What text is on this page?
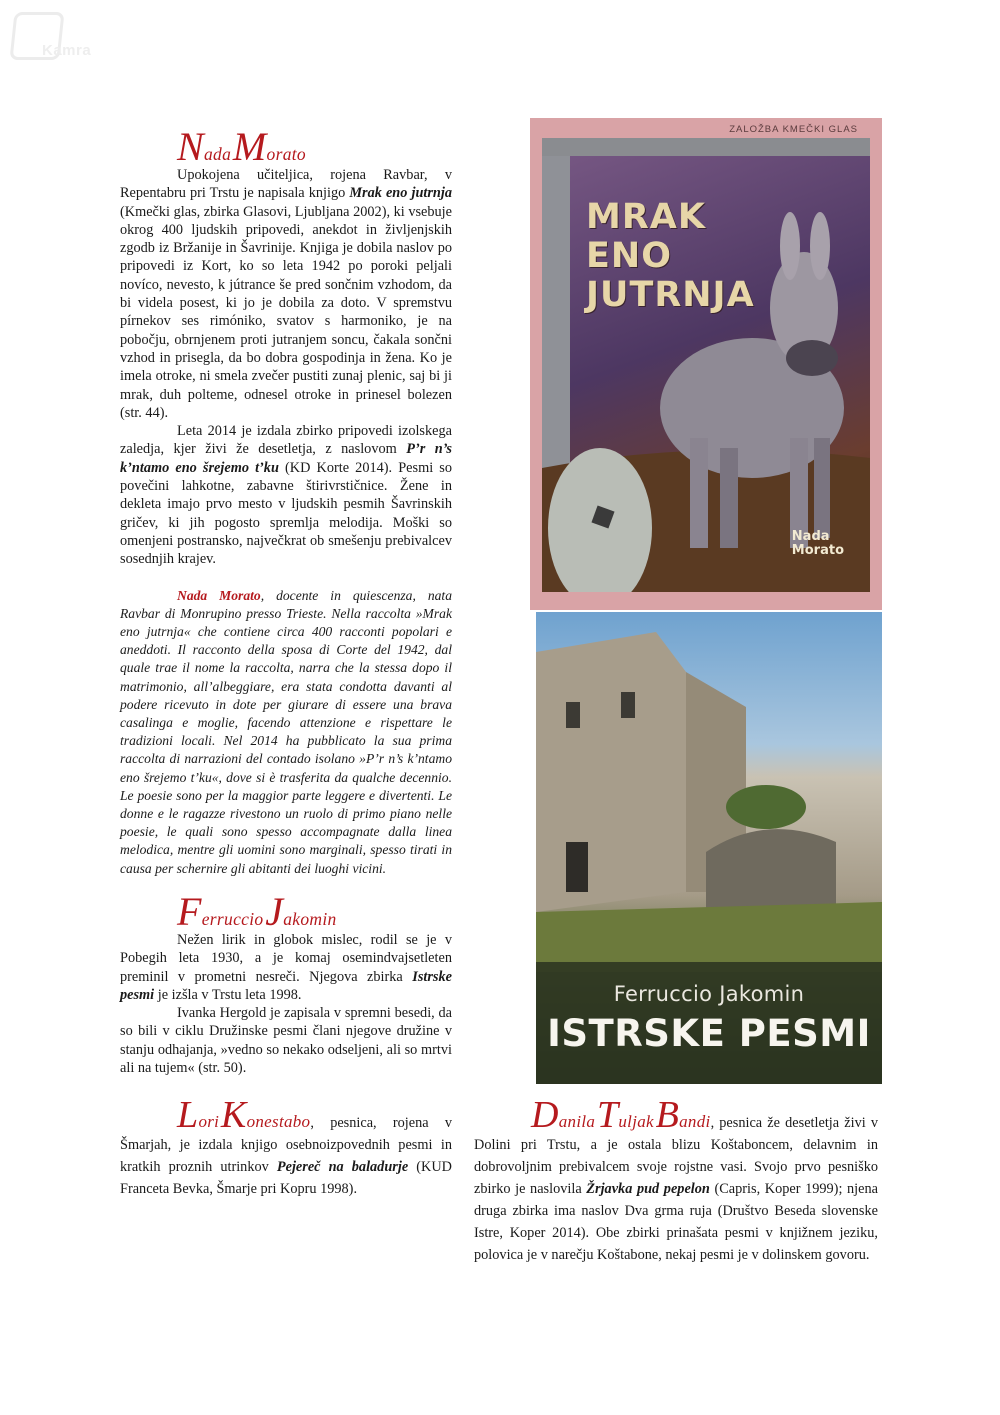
Kamra
Nada Morato

Upokojena učiteljica, rojena Ravbar, v Repentabru pri Trstu je napisala knjigo Mrak eno jutrnja (Kmečki glas, zbirka Glasovi, Ljubljana 2002), ki vsebuje okrog 400 ljudskih pripovedi, anekdot in življenjskih zgodb iz Bržanije in Šavrinije. Knjiga je dobila naslov po pripovedi iz Kort, ko so leta 1942 po poroki peljali novíco, nevesto, k jútrance še pred sončnim vzhodom, da bi videla posest, ki jo je dobila za doto. V spremstvu pírnekov ses rimóniko, svatov s harmoniko, je na pobočju, obrnjenem proti jutranjem soncu, čakala sončni vzhod in prisegla, da bo dobra gospodinja in žena. Ko je imela otroke, ni smela zvečer pustiti zunaj plenic, saj bi ji mrak, duh polteme, odnesel otroke in prinesel bolezen (str. 44).

Leta 2014 je izdala zbirko pripovedi izolskega zaledja, kjer živi že desetletja, z naslovom P’r n’s k’ntamo eno šrejemo t’ku (KD Korte 2014). Pesmi so povečini lahkotne, zabavne štirivrstičnice. Žene in dekleta imajo prvo mesto v ljudskih pesmih Šavrinskih gričev, ki jih pogosto spremlja melodija. Moški so omenjeni postransko, največkrat ob smešenju prebivalcev sosednjih krajev.

Nada Morato, docente in quiescenza, nata Ravbar di Monrupino presso Trieste. Nella raccolta »Mrak eno jutrnja« che contiene circa 400 racconti popolari e aneddoti. Il racconto della sposa di Corte del 1942, dal quale trae il nome la raccolta, narra che la stessa dopo il matrimonio, all’albeggiare, era stata condotta davanti al podere ricevuto in dote per giurare di essere una brava casalinga e moglie, facendo attenzione e rispettare le tradizioni locali. Nel 2014 ha pubblicato la sua prima raccolta di narrazioni del contado isolano »P’r n’s k’ntamo eno šrejemo t’ku«, dove si è trasferita da qualche decennio. Le poesie sono per la maggior parte leggere e divertenti. Le donne e le ragazze rivestono un ruolo di primo piano nelle poesie, le quali sono spesso accompagnate dalla linea melodica, mentre gli uomini sono marginali, spesso tirati in causa per schernire gli abitanti dei luoghi vicini.

Ferruccio Jakomin

Nežen lirik in globok mislec, rodil se je v Pobegih leta 1930, a je komaj osemindvajsetleten preminil v prometni nesreči. Njegova zbirka Istrske pesmi je izšla v Trstu leta 1998.

Ivanka Hergold je zapisala v spremni besedi, da so bili v ciklu Družinske pesmi člani njegove družine v stanju odhajanja, »vedno so nekako odseljeni, ali so mrtvi ali na tujem« (str. 50).

Lori Konestabo, pesnica, rojena v Šmarjah, je izdala knjigo osebnoizpovednih pesmi in kratkih proznih utrinkov Pejereč na baladurje (KUD Franceta Bevka, Šmarje pri Kopru 1998).

Danila Tuljak Bandi, pesnica že desetletja živi v Dolini pri Trstu, a je ostala blizu Koštaboncem, delavnim in dobrovoljnim prebivalcem svoje rojstne vasi. Svojo prvo pesniško zbirko je naslovila Žrjavka pud pepelon (Capris, Koper 1999); njena druga zbirka ima naslov Dva grma ruja (Društvo Beseda slovenske Istre, Koper 2014). Obe zbirki prinašata pesmi v knjižnem jeziku, polovica je v narečju Koštabone, nekaj pesmi je v dolinskem govoru.

ZALOŽBA KMEČKI GLAS
MRAK
ENO
JUTRNJA
Nada
Morato
Ferruccio Jakomin
ISTRSKE PESMI
